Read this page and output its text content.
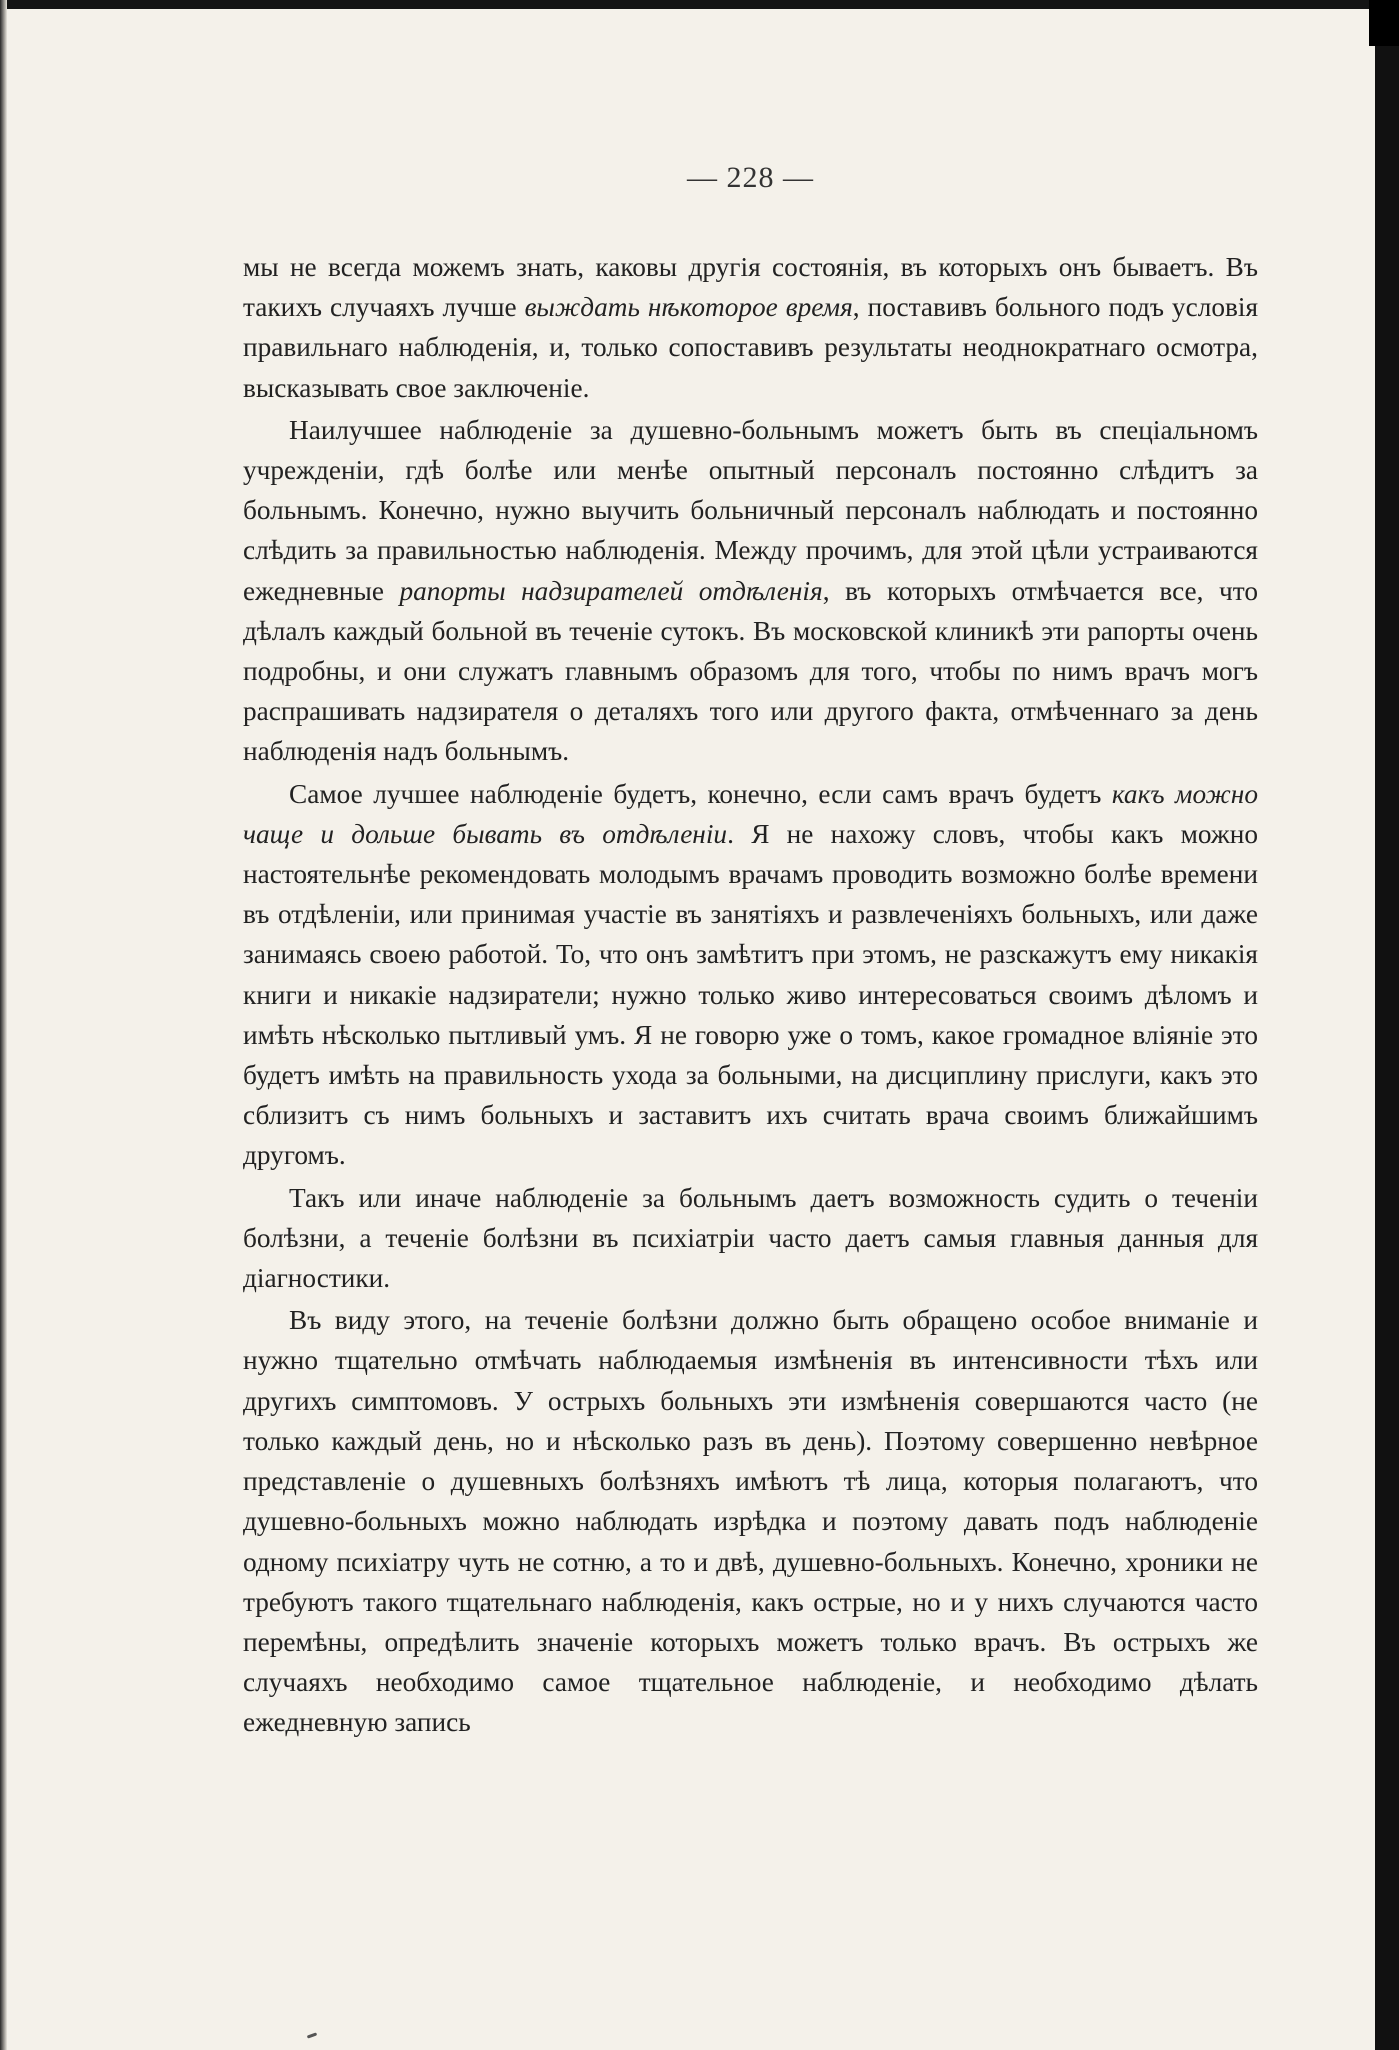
— 228 —

мы не всегда можемъ знать, каковы другія состоянія, въ которыхъ онъ бываетъ. Въ такихъ случаяхъ лучше выждать нѣкоторое время, поставивъ больного подъ условія правильнаго наблюденія, и, только сопоставивъ результаты неоднократнаго осмотра, высказывать свое заключеніе.

Наилучшее наблюденіе за душевно-больнымъ можетъ быть въ спеціальномъ учрежденіи, гдѣ болѣе или менѣе опытный персоналъ постоянно слѣдитъ за больнымъ. Конечно, нужно выучить больничный персоналъ наблюдать и постоянно слѣдить за правильностью наблюденія. Между прочимъ, для этой цѣли устраиваются ежедневные рапорты надзирателей отдѣленія, въ которыхъ отмѣчается все, что дѣлалъ каждый больной въ теченіе сутокъ. Въ московской клиникѣ эти рапорты очень подробны, и они служатъ главнымъ образомъ для того, чтобы по нимъ врачъ могъ распрашивать надзирателя о деталяхъ того или другого факта, отмѣченнаго за день наблюденія надъ больнымъ.

Самое лучшее наблюденіе будетъ, конечно, если самъ врачъ будетъ какъ можно чаще и дольше бывать въ отдѣленіи. Я не нахожу словъ, чтобы какъ можно настоятельнѣе рекомендовать молодымъ врачамъ проводить возможно болѣе времени въ отдѣленіи, или принимая участіе въ занятіяхъ и развлеченіяхъ больныхъ, или даже занимаясь своею работой. То, что онъ замѣтитъ при этомъ, не разскажутъ ему никакія книги и никакіе надзиратели; нужно только живо интересоваться своимъ дѣломъ и имѣть нѣсколько пытливый умъ. Я не говорю уже о томъ, какое громадное вліяніе это будетъ имѣть на правильность ухода за больными, на дисциплину прислуги, какъ это сблизитъ съ нимъ больныхъ и заставитъ ихъ считать врача своимъ ближайшимъ другомъ.

Такъ или иначе наблюденіе за больнымъ даетъ возможность судить о теченіи болѣзни, а теченіе болѣзни въ психіатріи часто даетъ самыя главныя данныя для діагностики.

Въ виду этого, на теченіе болѣзни должно быть обращено особое вниманіе и нужно тщательно отмѣчать наблюдаемыя измѣненія въ интенсивности тѣхъ или другихъ симптомовъ. У острыхъ больныхъ эти измѣненія совершаются часто (не только каждый день, но и нѣсколько разъ въ день). Поэтому совершенно невѣрное представленіе о душевныхъ болѣзняхъ имѣютъ тѣ лица, которыя полагаютъ, что душевно-больныхъ можно наблюдать изрѣдка и поэтому давать подъ наблюденіе одному психіатру чуть не сотню, а то и двѣ, душевно-больныхъ. Конечно, хроники не требуютъ такого тщательнаго наблюденія, какъ острые, но и у нихъ случаются часто перемѣны, опредѣлить значеніе которыхъ можетъ только врачъ. Въ острыхъ же случаяхъ необходимо самое тщательное наблюденіе, и необходимо дѣлать ежедневную запись
